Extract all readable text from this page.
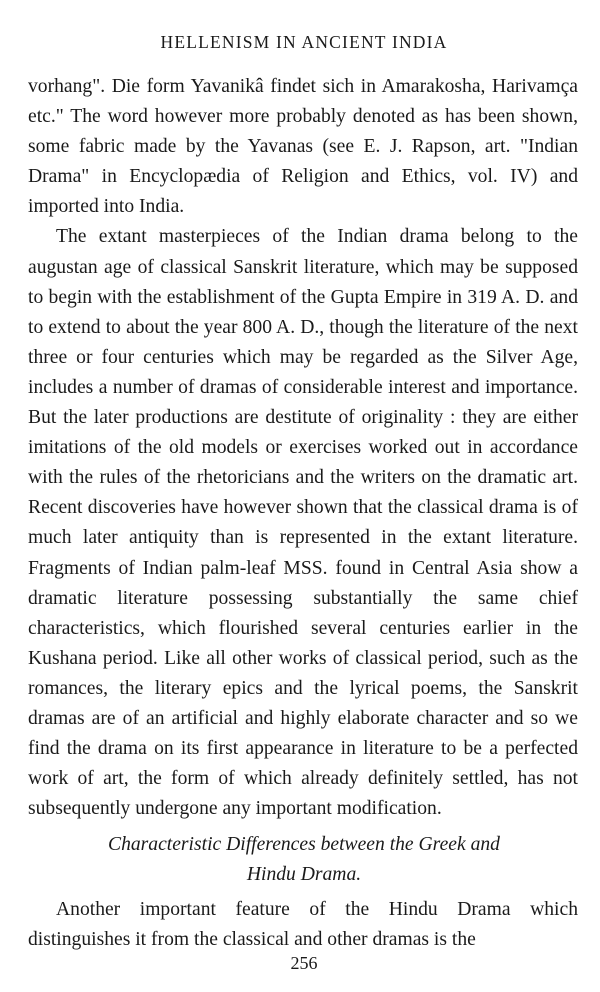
HELLENISM IN ANCIENT INDIA

vorhang". Die form Yavanikâ findet sich in Amarakosha, Harivamça etc." The word however more probably denoted as has been shown, some fabric made by the Yavanas (see E. J. Rapson, art. "Indian Drama" in Encyclopædia of Religion and Ethics, vol. IV) and imported into India.

The extant masterpieces of the Indian drama belong to the augustan age of classical Sanskrit literature, which may be supposed to begin with the establishment of the Gupta Empire in 319 A. D. and to extend to about the year 800 A. D., though the literature of the next three or four centuries which may be regarded as the Silver Age, includes a number of dramas of considerable interest and importance. But the later productions are destitute of originality : they are either imitations of the old models or exercises worked out in accordance with the rules of the rhetoricians and the writers on the dramatic art. Recent discoveries have however shown that the classical drama is of much later antiquity than is represented in the extant literature. Fragments of Indian palm-leaf MSS. found in Central Asia show a dramatic literature possessing substantially the same chief characteristics, which flourished several centuries earlier in the Kushana period. Like all other works of classical period, such as the romances, the literary epics and the lyrical poems, the Sanskrit dramas are of an artificial and highly elaborate character and so we find the drama on its first appearance in literature to be a perfected work of art, the form of which already definitely settled, has not subsequently undergone any important modification.

Characteristic Differences between the Greek and
Hindu Drama.

Another important feature of the Hindu Drama which distinguishes it from the classical and other dramas is the

256
